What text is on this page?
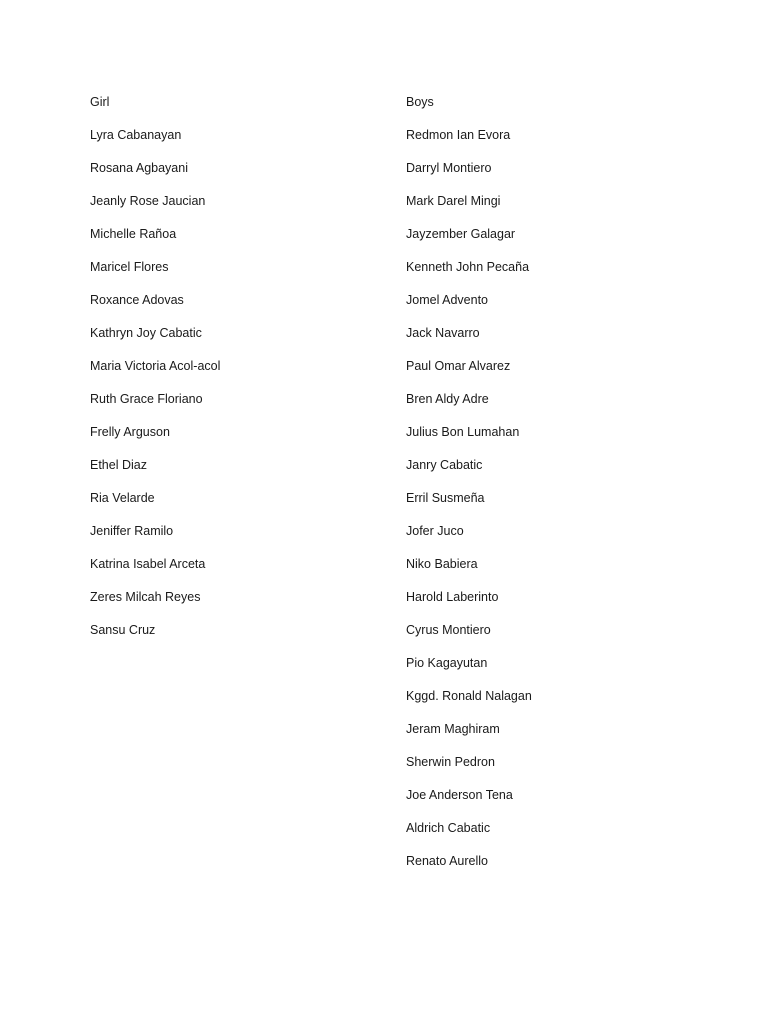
Girl
Lyra Cabanayan
Rosana Agbayani
Jeanly Rose Jaucian
Michelle Rañoa
Maricel Flores
Roxance Adovas
Kathryn Joy Cabatic
Maria Victoria Acol-acol
Ruth Grace Floriano
Frelly Arguson
Ethel Diaz
Ria Velarde
Jeniffer Ramilo
Katrina Isabel Arceta
Zeres Milcah Reyes
Sansu Cruz
Boys
Redmon Ian Evora
Darryl Montiero
Mark Darel Mingi
Jayzember Galagar
Kenneth John Pecaña
Jomel Advento
Jack Navarro
Paul Omar Alvarez
Bren Aldy Adre
Julius Bon Lumahan
Janry Cabatic
Erril Susmeña
Jofer Juco
Niko Babiera
Harold Laberinto
Cyrus Montiero
Pio Kagayutan
Kggd. Ronald Nalagan
Jeram Maghiram
Sherwin Pedron
Joe Anderson Tena
Aldrich Cabatic
Renato Aurello
